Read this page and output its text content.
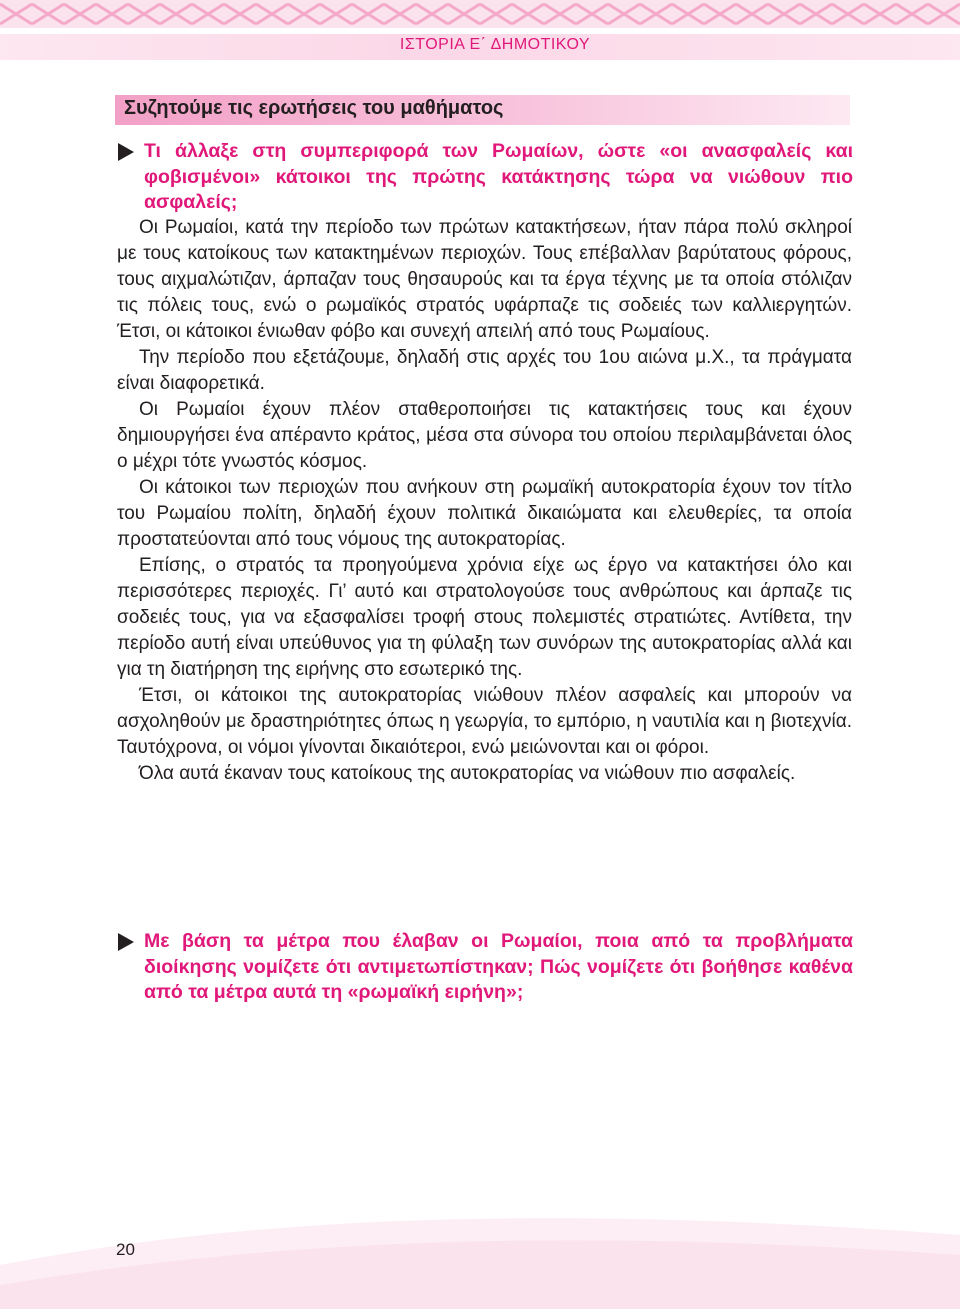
ΙΣΤΟΡΙΑ Ε΄ ΔΗΜΟΤΙΚΟΥ
Συζητούμε τις ερωτήσεις του μαθήματος
Τι άλλαξε στη συμπεριφορά των Ρωμαίων, ώστε «οι ανασφαλείς και φοβισμένοι» κάτοικοι της πρώτης κατάκτησης τώρα να νιώθουν πιο ασφαλείς;

Οι Ρωμαίοι, κατά την περίοδο των πρώτων κατακτήσεων, ήταν πάρα πολύ σκληροί με τους κατοίκους των κατακτημένων περιοχών. Τους επέβαλλαν βαρύτατους φόρους, τους αιχμαλώτιζαν, άρπαζαν τους θησαυρούς και τα έργα τέχνης με τα οποία στόλιζαν τις πόλεις τους, ενώ ο ρωμαϊκός στρατός υφάρπαζε τις σοδειές των καλλιεργητών. Έτσι, οι κάτοικοι ένιωθαν φόβο και συνεχή απειλή από τους Ρωμαίους.

Την περίοδο που εξετάζουμε, δηλαδή στις αρχές του 1ου αιώνα μ.Χ., τα πράγματα είναι διαφορετικά.

Οι Ρωμαίοι έχουν πλέον σταθεροποιήσει τις κατακτήσεις τους και έχουν δημιουργήσει ένα απέραντο κράτος, μέσα στα σύνορα του οποίου περιλαμβάνεται όλος ο μέχρι τότε γνωστός κόσμος.

Οι κάτοικοι των περιοχών που ανήκουν στη ρωμαϊκή αυτοκρατορία έχουν τον τίτλο του Ρωμαίου πολίτη, δηλαδή έχουν πολιτικά δικαιώματα και ελευθερίες, τα οποία προστατεύονται από τους νόμους της αυτοκρατορίας.

Επίσης, ο στρατός τα προηγούμενα χρόνια είχε ως έργο να κατακτήσει όλο και περισσότερες περιοχές. Γι’ αυτό και στρατολογούσε τους ανθρώπους και άρπαζε τις σοδειές τους, για να εξασφαλίσει τροφή στους πολεμιστές στρατιώτες. Αντίθετα, την περίοδο αυτή είναι υπεύθυνος για τη φύλαξη των συνόρων της αυτοκρατορίας αλλά και για τη διατήρηση της ειρήνης στο εσωτερικό της.

Έτσι, οι κάτοικοι της αυτοκρατορίας νιώθουν πλέον ασφαλείς και μπορούν να ασχοληθούν με δραστηριότητες όπως η γεωργία, το εμπόριο, η ναυτιλία και η βιοτεχνία. Ταυτόχρονα, οι νόμοι γίνονται δικαιότεροι, ενώ μειώνονται και οι φόροι.

Όλα αυτά έκαναν τους κατοίκους της αυτοκρατορίας να νιώθουν πιο ασφαλείς.

Με βάση τα μέτρα που έλαβαν οι Ρωμαίοι, ποια από τα προβλήματα διοίκησης νομίζετε ότι αντιμετωπίστηκαν; Πώς νομίζετε ότι βοήθησε καθένα από τα μέτρα αυτά τη «ρωμαϊκή ειρήνη»;
20
